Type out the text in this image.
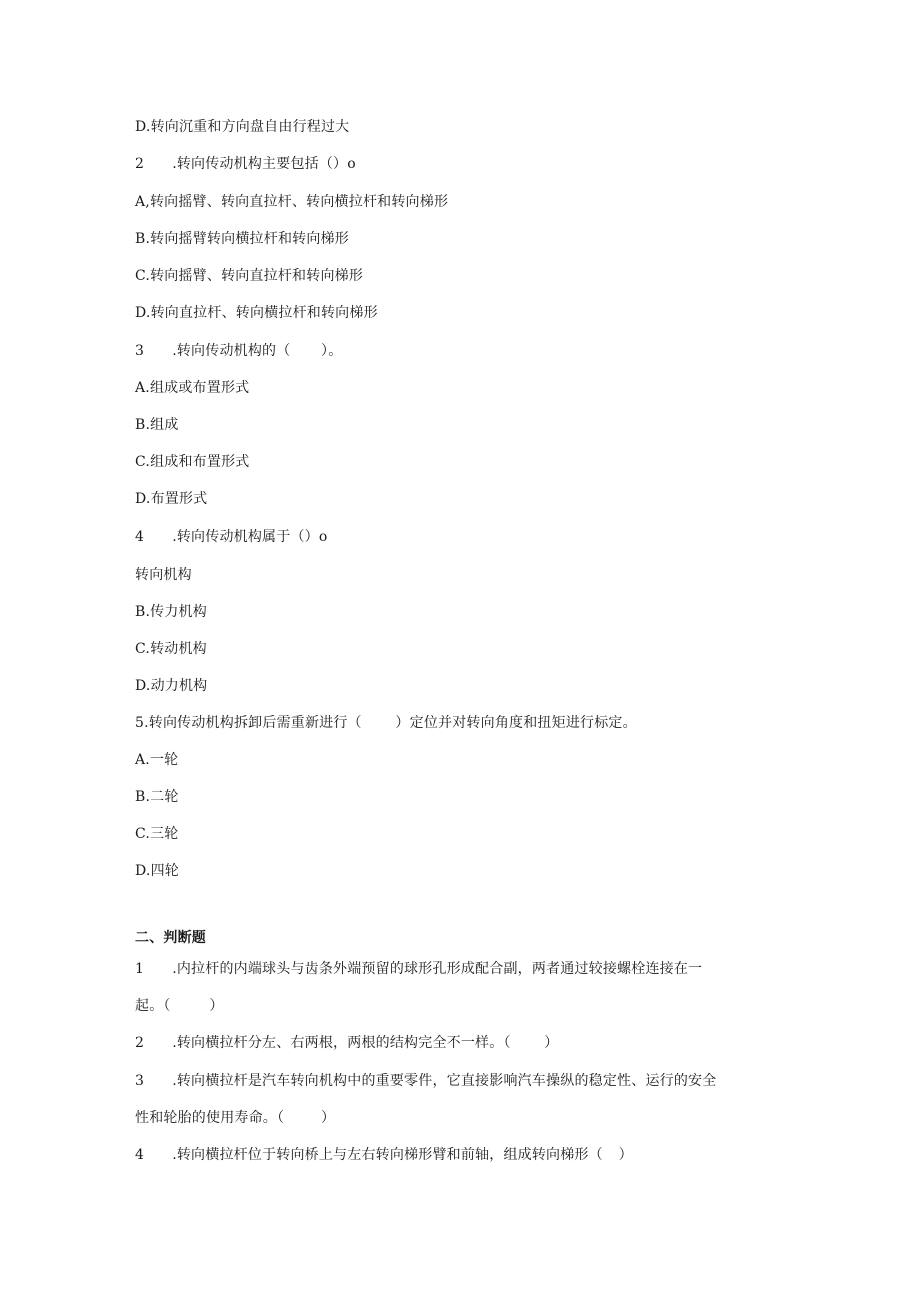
D.转向沉重和方向盘自由行程过大
2	.转向传动机构主要包括（）o
A,转向摇臂、转向直拉杆、转向横拉杆和转向梯形
B.转向摇臂转向横拉杆和转向梯形
C.转向摇臂、转向直拉杆和转向梯形
D.转向直拉杆、转向横拉杆和转向梯形
3	.转向传动机构的（	）。
A.组成或布置形式
B.组成
C.组成和布置形式
D.布置形式
4	.转向传动机构属于（）o
转向机构
B.传力机构
C.转动机构
D.动力机构
5.转向传动机构拆卸后需重新进行（	）定位并对转向角度和扭矩进行标定。
A.一轮
B.二轮
C.三轮
D.四轮
二、判断题
1	.内拉杆的内端球头与齿条外端预留的球形孔形成配合副，两者通过较接螺栓连接在一
起。（	）
2	.转向横拉杆分左、右两根，两根的结构完全不一样。（	）
3	.转向横拉杆是汽车转向机构中的重要零件，它直接影响汽车操纵的稳定性、运行的安全
性和轮胎的使用寿命。（	）
4	.转向横拉杆位于转向桥上与左右转向梯形臂和前轴，组成转向梯形（	）
